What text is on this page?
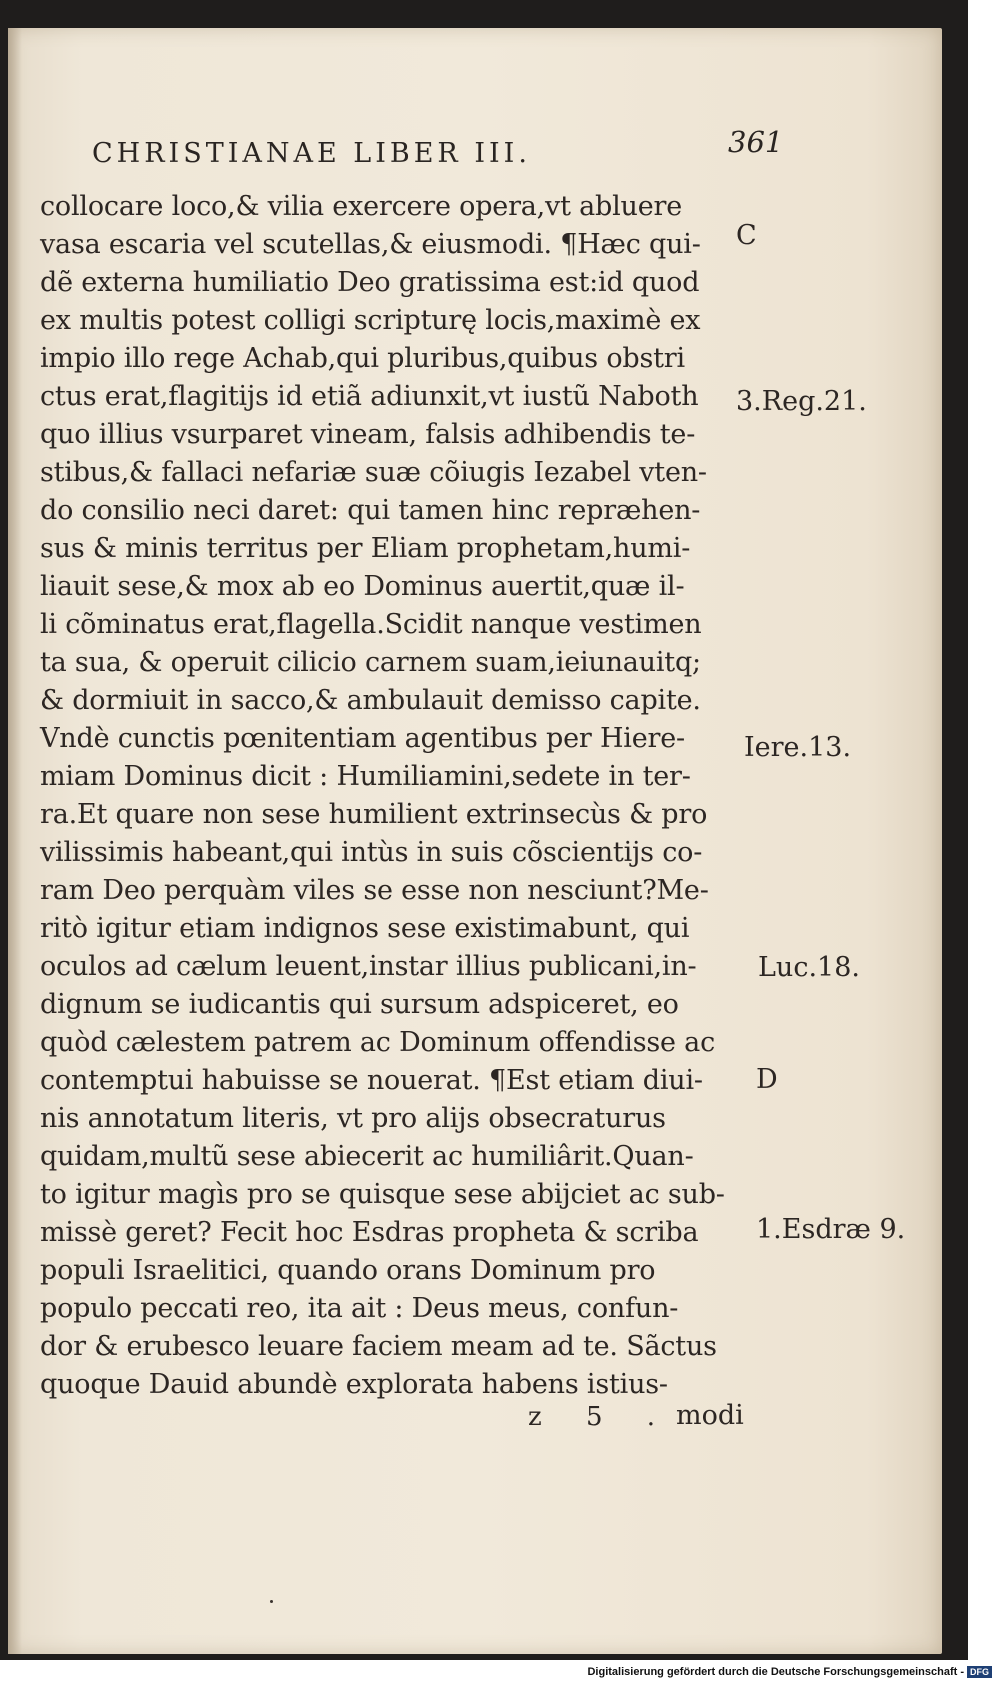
CHRISTIANAE LIBER III.	361
collocare loco,& vilia exercere opera,vt abluere
vasa escaria vel scutellas,& eiusmodi. ¶Hæc qui-
dẽ externa humiliatio Deo gratissima est:id quod
ex multis potest colligi scripturę locis,maximè ex
impio illo rege Achab,qui pluribus,quibus obstri
ctus erat,flagitijs id etiã adiunxit,vt iustũ Naboth
quo illius vsurparet vineam, falsis adhibendis te-
stibus,& fallaci nefariæ suæ cõiugis Iezabel vten-
do consilio neci daret: qui tamen hinc repræhen-
sus & minis territus per Eliam prophetam,humi-
liauit sese,& mox ab eo Dominus auertit,quæ il-
li cõminatus erat,flagella.Scidit nanque vestimen
ta sua, & operuit cilicio carnem suam,ieiunauitq;
& dormiuit in sacco,& ambulauit demisso capite.
Vndè cunctis pœnitentiam agentibus per Hiere-
miam Dominus dicit : Humiliamini,sedete in ter-
ra.Et quare non sese humilient extrinsecùs & pro
vilissimis habeant,qui intùs in suis cõscientijs co-
ram Deo perquàm viles se esse non nesciunt?Me-
ritò igitur etiam indignos sese existimabunt, qui
oculos ad cælum leuent,instar illius publicani,in-
dignum se iudicantis qui sursum adspiceret, eo
quòd cælestem patrem ac Dominum offendisse ac
contemptui habuisse se nouerat. ¶Est etiam diui-
nis annotatum literis, vt pro alijs obsecraturus
quidam,multũ sese abiecerit ac humiliârit.Quan-
to igitur magìs pro se quisque sese abijciet ac sub-
missè geret? Fecit hoc Esdras propheta & scriba
populi Israelitici, quando orans Dominum pro
populo peccati reo, ita ait : Deus meus, confun-
dor & erubesco leuare faciem meam ad te. Sãctus
quoque Dauid abundè explorata habens istius-
C
3.Reg.21.
Iere.13.
Luc.18.
D
1.Esdræ 9.
z 5 . modi
Digitalisierung gefördert durch die Deutsche Forschungsgemeinschaft - DFG
